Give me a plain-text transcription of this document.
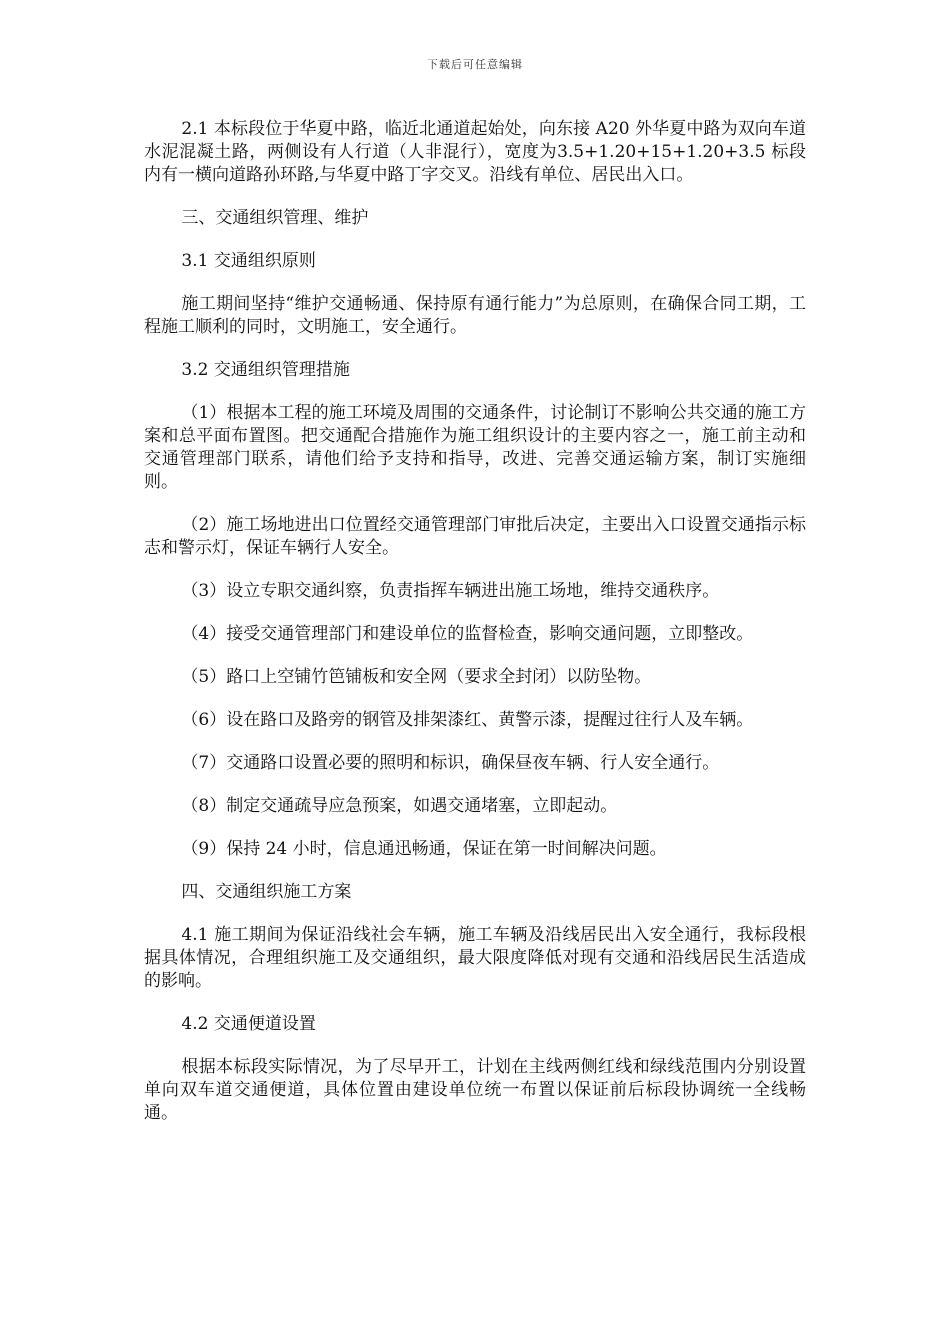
下载后可任意编辑

2.1 本标段位于华夏中路，临近北通道起始处，向东接 A20 外华夏中路为双向车道水泥混凝土路，两侧设有人行道（人非混行），宽度为3.5+1.20+15+1.20+3.5 标段内有一横向道路孙环路,与华夏中路丁字交叉。沿线有单位、居民出入口。

三、交通组织管理、维护

3.1 交通组织原则

施工期间坚持“维护交通畅通、保持原有通行能力”为总原则，在确保合同工期，工程施工顺利的同时，文明施工，安全通行。

3.2 交通组织管理措施

（1）根据本工程的施工环境及周围的交通条件，讨论制订不影响公共交通的施工方案和总平面布置图。把交通配合措施作为施工组织设计的主要内容之一，施工前主动和交通管理部门联系，请他们给予支持和指导，改进、完善交通运输方案，制订实施细则。

（2）施工场地进出口位置经交通管理部门审批后决定，主要出入口设置交通指示标志和警示灯，保证车辆行人安全。

（3）设立专职交通纠察，负责指挥车辆进出施工场地，维持交通秩序。

（4）接受交通管理部门和建设单位的监督检查，影响交通问题，立即整改。

（5）路口上空铺竹笆铺板和安全网（要求全封闭）以防坠物。

（6）设在路口及路旁的钢管及排架漆红、黄警示漆，提醒过往行人及车辆。

（7）交通路口设置必要的照明和标识，确保昼夜车辆、行人安全通行。

（8）制定交通疏导应急预案，如遇交通堵塞，立即起动。

（9）保持 24 小时，信息通迅畅通，保证在第一时间解决问题。

四、交通组织施工方案

4.1 施工期间为保证沿线社会车辆，施工车辆及沿线居民出入安全通行，我标段根据具体情况，合理组织施工及交通组织，最大限度降低对现有交通和沿线居民生活造成的影响。

4.2 交通便道设置

根据本标段实际情况，为了尽早开工，计划在主线两侧红线和绿线范围内分别设置单向双车道交通便道，具体位置由建设单位统一布置以保证前后标段协调统一全线畅通。
